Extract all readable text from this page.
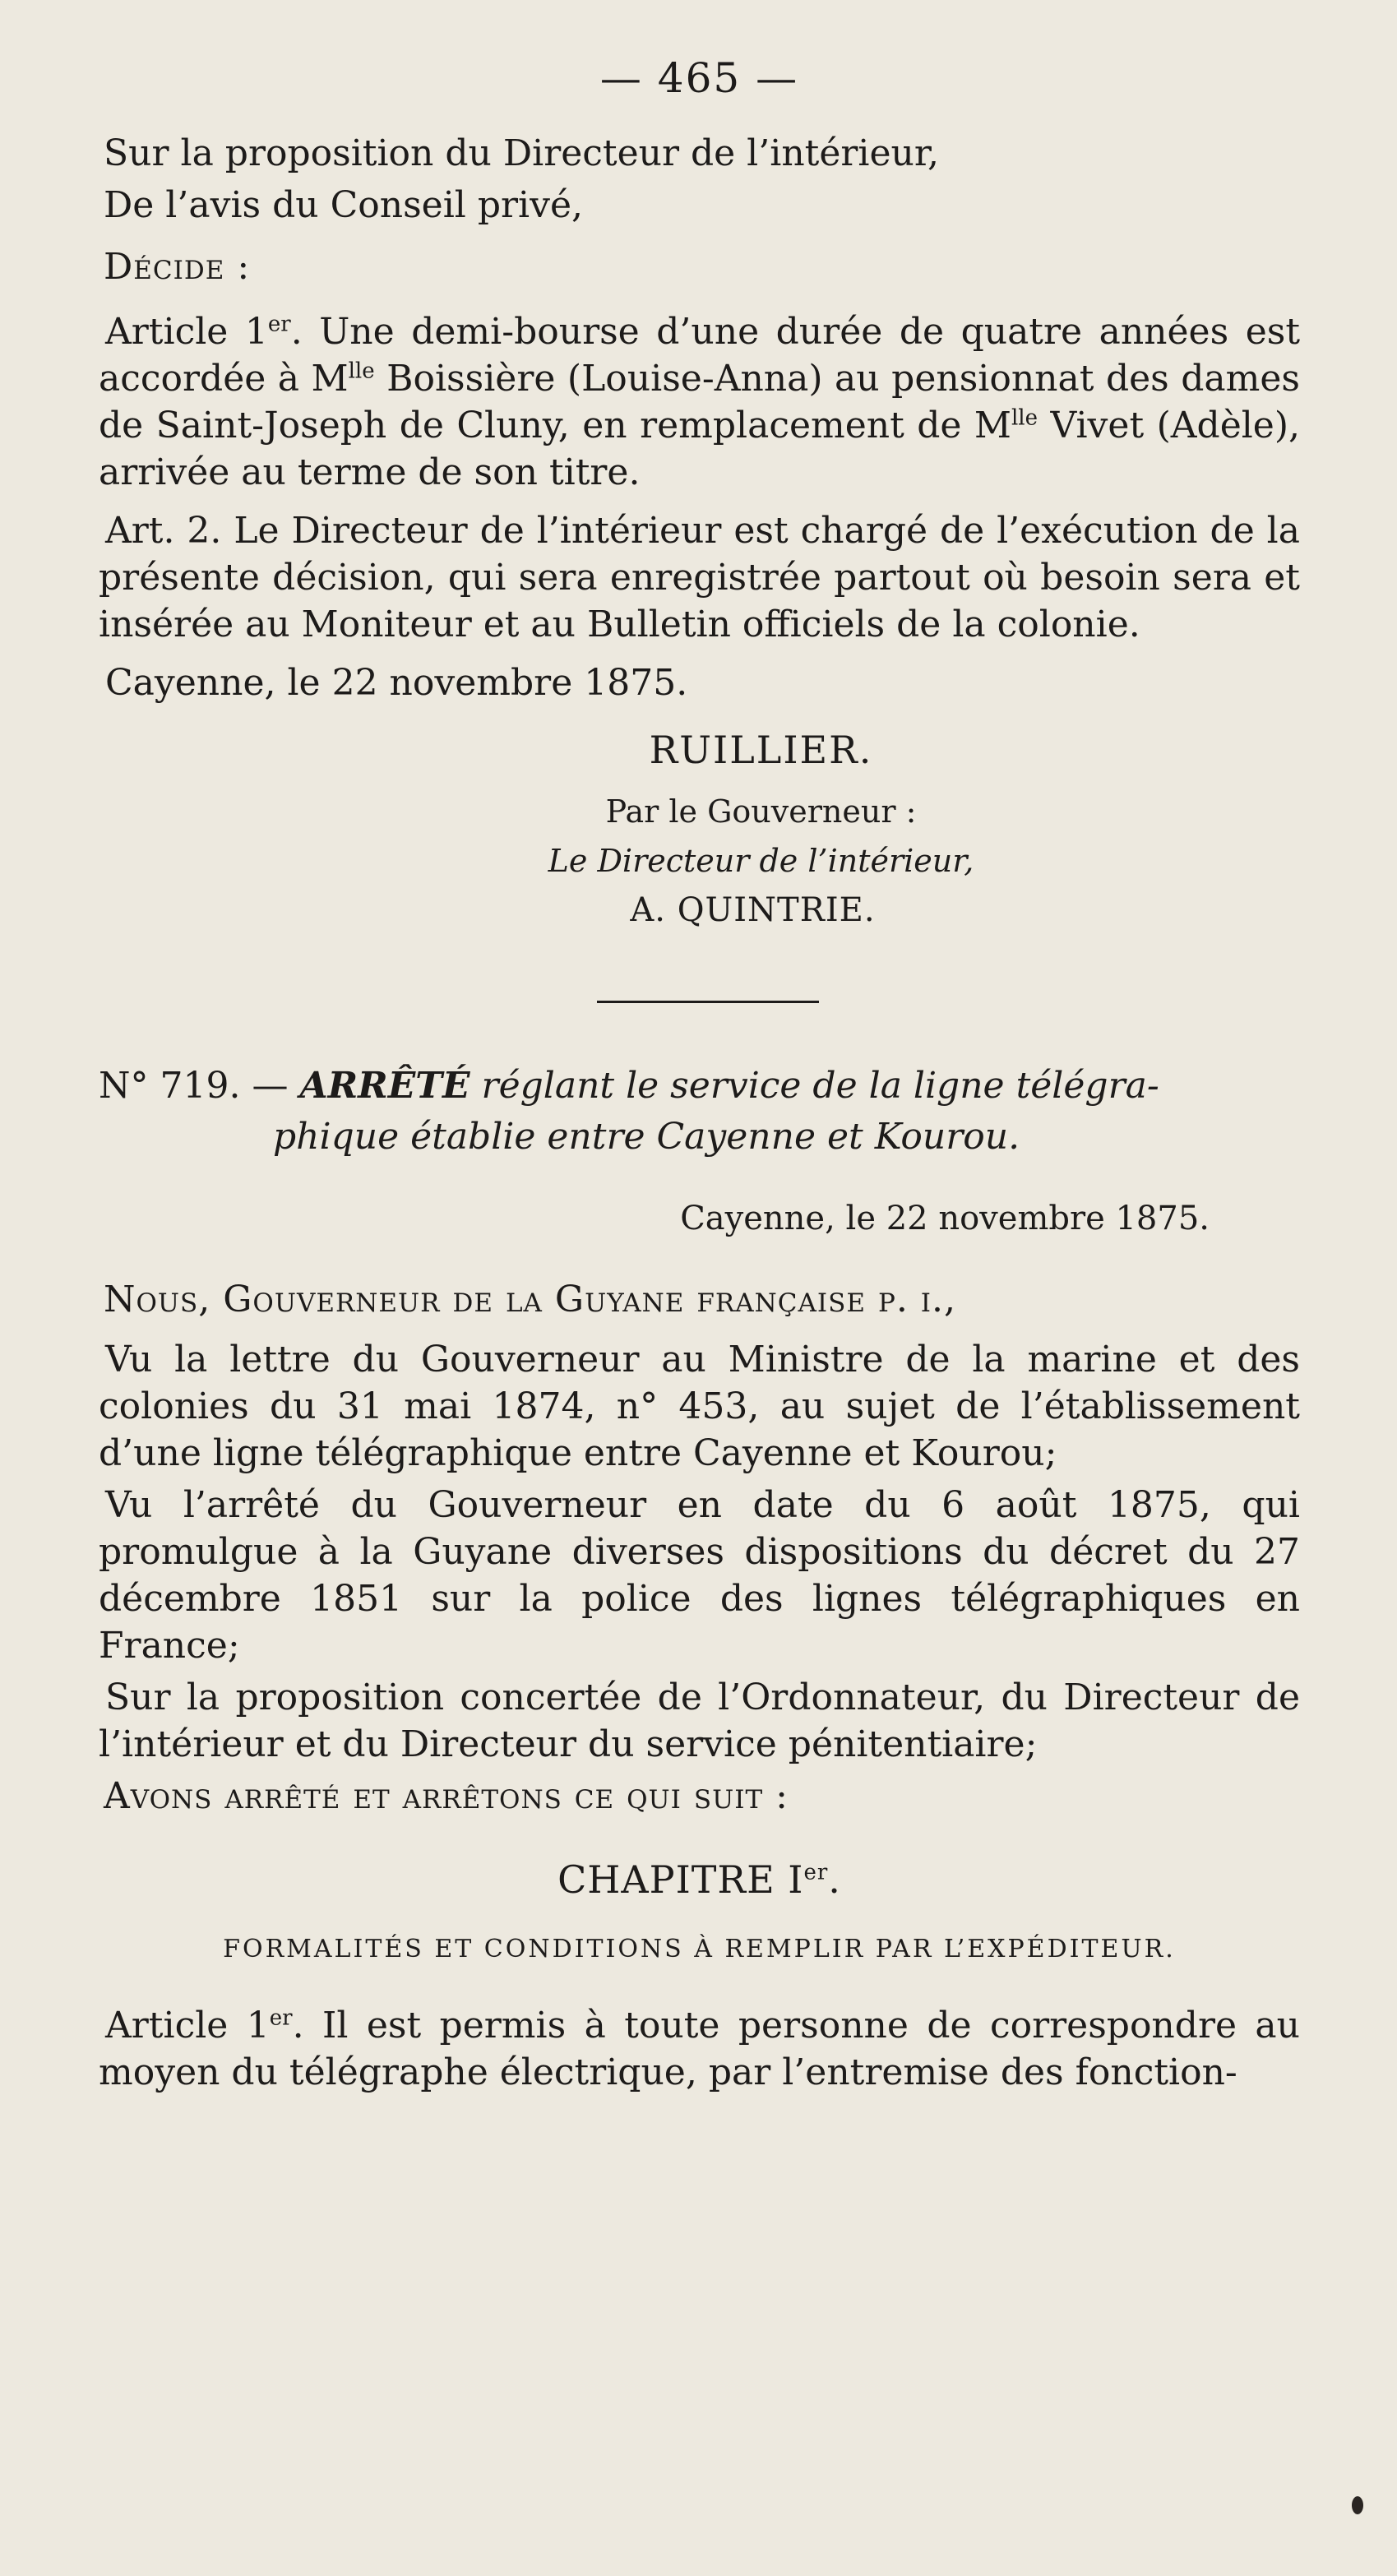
— 465 —

Sur la proposition du Directeur de l’intérieur,

De l’avis du Conseil privé,

Décide :

Article 1er. Une demi-bourse d’une durée de quatre années est accordée à $M^{lle}$ Boissière (Louise-Anna) au pensionnat des dames de Saint-Joseph de Cluny, en remplacement de $M^{lle}$ Vivet (Adèle), arrivée au terme de son titre.

Art. 2. Le Directeur de l’intérieur est chargé de l’exécution de la présente décision, qui sera enregistrée partout où besoin sera et insérée au Moniteur et au Bulletin officiels de la colonie.

Cayenne, le 22 novembre 1875.

RUILLIER.
Par le Gouverneur :
Le Directeur de l’intérieur,
A. QUINTRIE.
N° 719. — ARRÊTÉ réglant le service de la ligne télégra-
phique établie entre Cayenne et Kourou.
Cayenne, le 22 novembre 1875.

Nous, Gouverneur de la Guyane française p. i.,

Vu la lettre du Gouverneur au Ministre de la marine et des colonies du 31 mai 1874, n° 453, au sujet de l’établissement d’une ligne télégraphique entre Cayenne et Kourou;

Vu l’arrêté du Gouverneur en date du 6 août 1875, qui promulgue à la Guyane diverses dispositions du décret du 27 décembre 1851 sur la police des lignes télégraphiques en France;

Sur la proposition concertée de l’Ordonnateur, du Directeur de l’intérieur et du Directeur du service pénitentiaire;

Avons arrêté et arrêtons ce qui suit :

CHAPITRE Ier.
FORMALITÉS ET CONDITIONS À REMPLIR PAR L’EXPÉDITEUR.

Article 1er. Il est permis à toute personne de correspondre au moyen du télégraphe électrique, par l’entremise des fonction-
